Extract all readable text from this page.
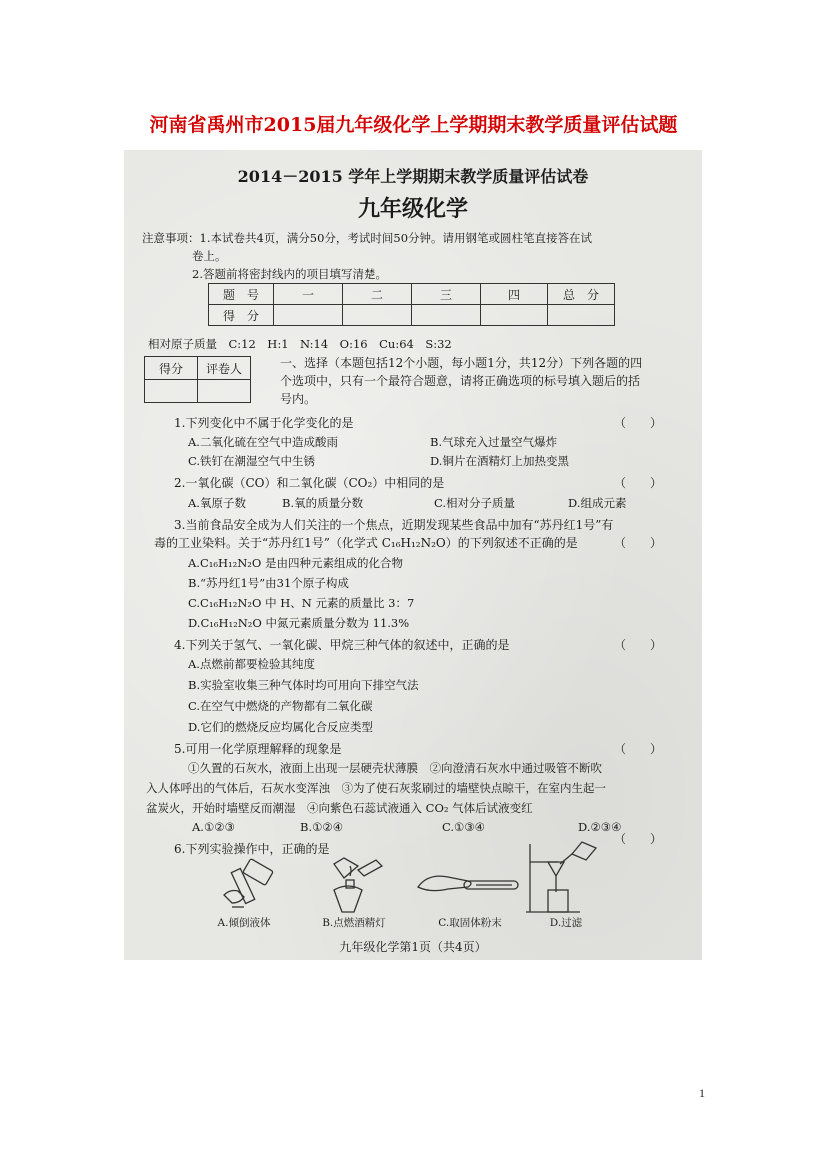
河南省禹州市2015届九年级化学上学期期末教学质量评估试题
2014－2015 学年上学期期末教学质量评估试卷
九年级化学
注意事项：1.本试卷共4页，满分50分，考试时间50分钟。请用钢笔或圆柱笔直接答在试
卷上。
2.答题前将密封线内的项目填写清楚。
题　号	一	二	三	四	总　分
得　分					
相对原子质量　C:12　H:1　N:14　O:16　Cu:64　S:32
得分	评卷人
		一、选择（本题包括12个小题，每小题1分，共12分）下列各题的四
个选项中，只有一个最符合题意，请将正确选项的标号填入题后的括
号内。
1.下列变化中不属于化学变化的是	（　　）
A.二氧化硫在空气中造成酸雨	B.气球充入过量空气爆炸
C.铁钉在潮湿空气中生锈	D.铜片在酒精灯上加热变黑
2.一氧化碳（CO）和二氧化碳（CO₂）中相同的是	（　　）
A.氧原子数	B.氧的质量分数	C.相对分子质量	D.组成元素
3.当前食品安全成为人们关注的一个焦点，近期发现某些食品中加有“苏丹红1号”有
毒的工业染料。关于“苏丹红1号”（化学式 C₁₆H₁₂N₂O）的下列叙述不正确的是	（　　）
A.C₁₆H₁₂N₂O 是由四种元素组成的化合物
B.“苏丹红1号”由31个原子构成
C.C₁₆H₁₂N₂O 中 H、N 元素的质量比 3：7
D.C₁₆H₁₂N₂O 中氮元素质量分数为 11.3%
4.下列关于氢气、一氧化碳、甲烷三种气体的叙述中，正确的是	（　　）
A.点燃前都要检验其纯度
B.实验室收集三种气体时均可用向下排空气法
C.在空气中燃烧的产物都有二氧化碳
D.它们的燃烧反应均属化合反应类型
5.可用一化学原理解释的现象是	（　　）
①久置的石灰水，液面上出现一层硬壳状薄膜　②向澄清石灰水中通过吸管不断吹
入人体呼出的气体后，石灰水变浑浊　③为了使石灰浆刷过的墙壁快点晾干，在室内生起一
盆炭火，开始时墙壁反而潮湿　④向紫色石蕊试液通入 CO₂ 气体后试液变红
A.①②③	B.①②④	C.①③④	D.②③④
6.下列实验操作中，正确的是
（　　）
A.倾倒液体	B.点燃酒精灯	C.取固体粉末	D.过滤
九年级化学第1页（共4页）
1
